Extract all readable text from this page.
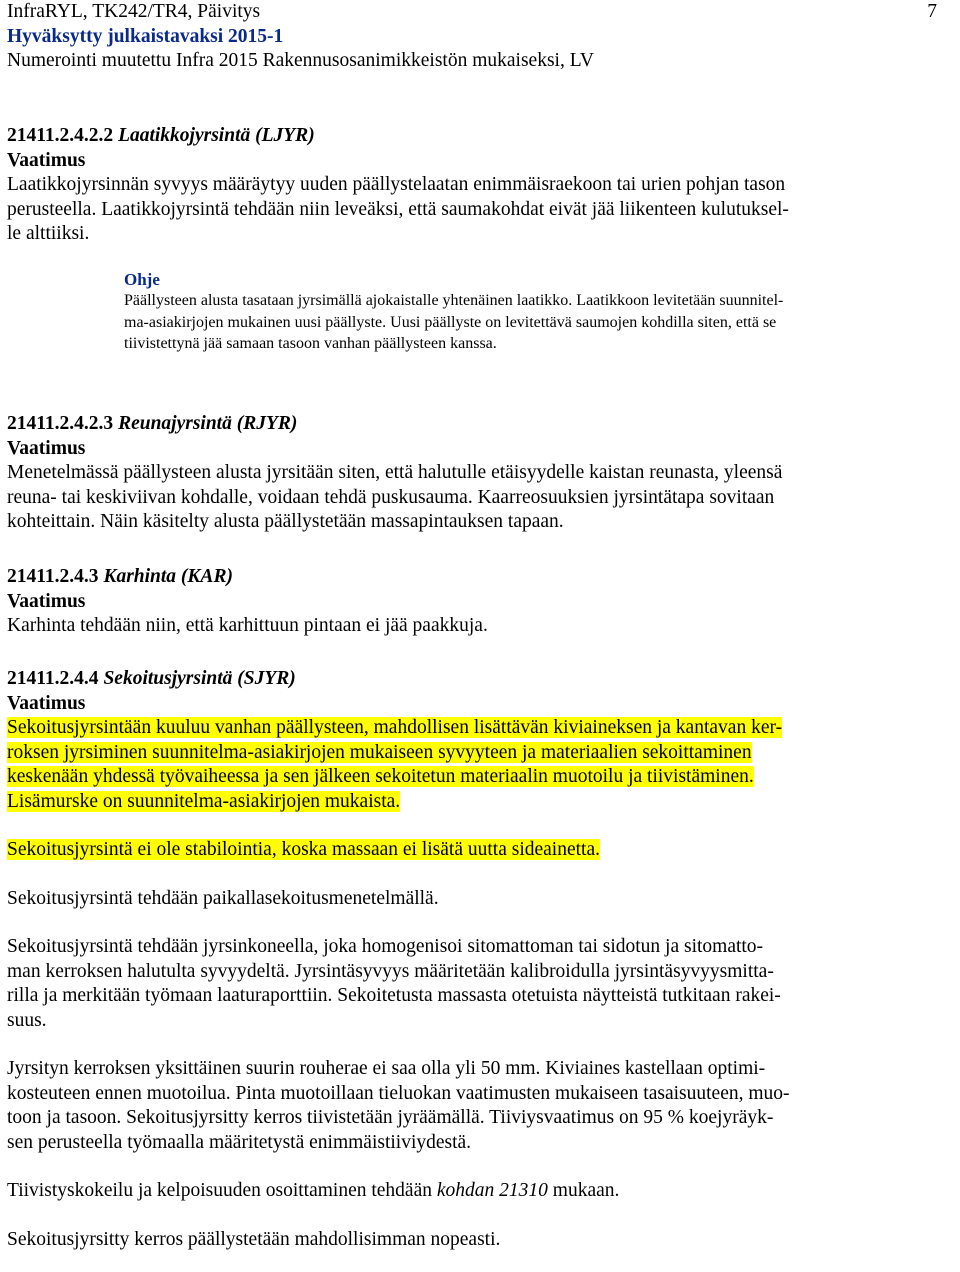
InfraRYL, TK242/TR4, Päivitys
Hyväksytty julkaistavaksi 2015-1
Numerointi muutettu Infra 2015 Rakennusosanimikkeistön mukaiseksi, LV
7
21411.2.4.2.2 Laatikkojyrsintä (LJYR)
Vaatimus
Laatikkojyrsinnän syvyys määräytyy uuden päällystelaatan enimmäisraekoon tai urien pohjan tason
perusteella. Laatikkojyrsintä tehdään niin leveäksi, että saumakohdat eivät jää liikenteen kulutuksel-
le alttiiksi.
Ohje
Päällysteen alusta tasataan jyrsimällä ajokaistalle yhtenäinen laatikko. Laatikkoon levitetään suunnitel-
ma-asiakirjojen mukainen uusi päällyste. Uusi päällyste on levitettävä saumojen kohdilla siten, että se
tiivistettynä jää samaan tasoon vanhan päällysteen kanssa.
21411.2.4.2.3 Reunajyrsintä (RJYR)
Vaatimus
Menetelmässä päällysteen alusta jyrsitään siten, että halutulle etäisyydelle kaistan reunasta, yleensä
reuna- tai keskiviivan kohdalle, voidaan tehdä puskusauma. Kaarreosuuksien jyrsintätapa sovitaan
kohteittain. Näin käsitelty alusta päällystetään massapintauksen tapaan.
21411.2.4.3 Karhinta (KAR)
Vaatimus
Karhinta tehdään niin, että karhittuun pintaan ei jää paakkuja.
21411.2.4.4 Sekoitusjyrsintä (SJYR)
Vaatimus
Sekoitusjyrsintään kuuluu vanhan päällysteen, mahdollisen lisättävän kiviaineksen ja kantavan ker-
roksen jyrsiminen suunnitelma-asiakirjojen mukaiseen syvyyteen ja materiaalien sekoittaminen
keskenään yhdessä työvaiheessa ja sen jälkeen sekoitetun materiaalin muotoilu ja tiivistäminen.
Lisämurske on suunnitelma-asiakirjojen mukaista.
Sekoitusjyrsintä ei ole stabilointia, koska massaan ei lisätä uutta sideainetta.
Sekoitusjyrsintä tehdään paikallasekoitusmenetelmällä.
Sekoitusjyrsintä tehdään jyrsinkoneella, joka homogenisoi sitomattoman tai sidotun ja sitomatto-
man kerroksen halutulta syvyydeltä. Jyrsintäsyvyys määritetään kalibroidulla jyrsintäsyvyysmitta-
rilla ja merkitään työmaan laaturaporttiin. Sekoitetusta massasta otetuista näytteistä tutkitaan rakei-
suus.
Jyrsityn kerroksen yksittäinen suurin rouherae ei saa olla yli 50 mm. Kiviaines kastellaan optimi-
kosteuteen ennen muotoilua. Pinta muotoillaan tieluokan vaatimusten mukaiseen tasaisuuteen, muo-
toon ja tasoon. Sekoitusjyrsitty kerros tiivistetään jyräämällä. Tiiviysvaatimus on 95 % koejyräyk-
sen perusteella työmaalla määritetystä enimmäistiiviydestä.
Tiivistyskokeilu ja kelpoisuuden osoittaminen tehdään kohdan 21310 mukaan.
Sekoitusjyrsitty kerros päällystetään mahdollisimman nopeasti.
